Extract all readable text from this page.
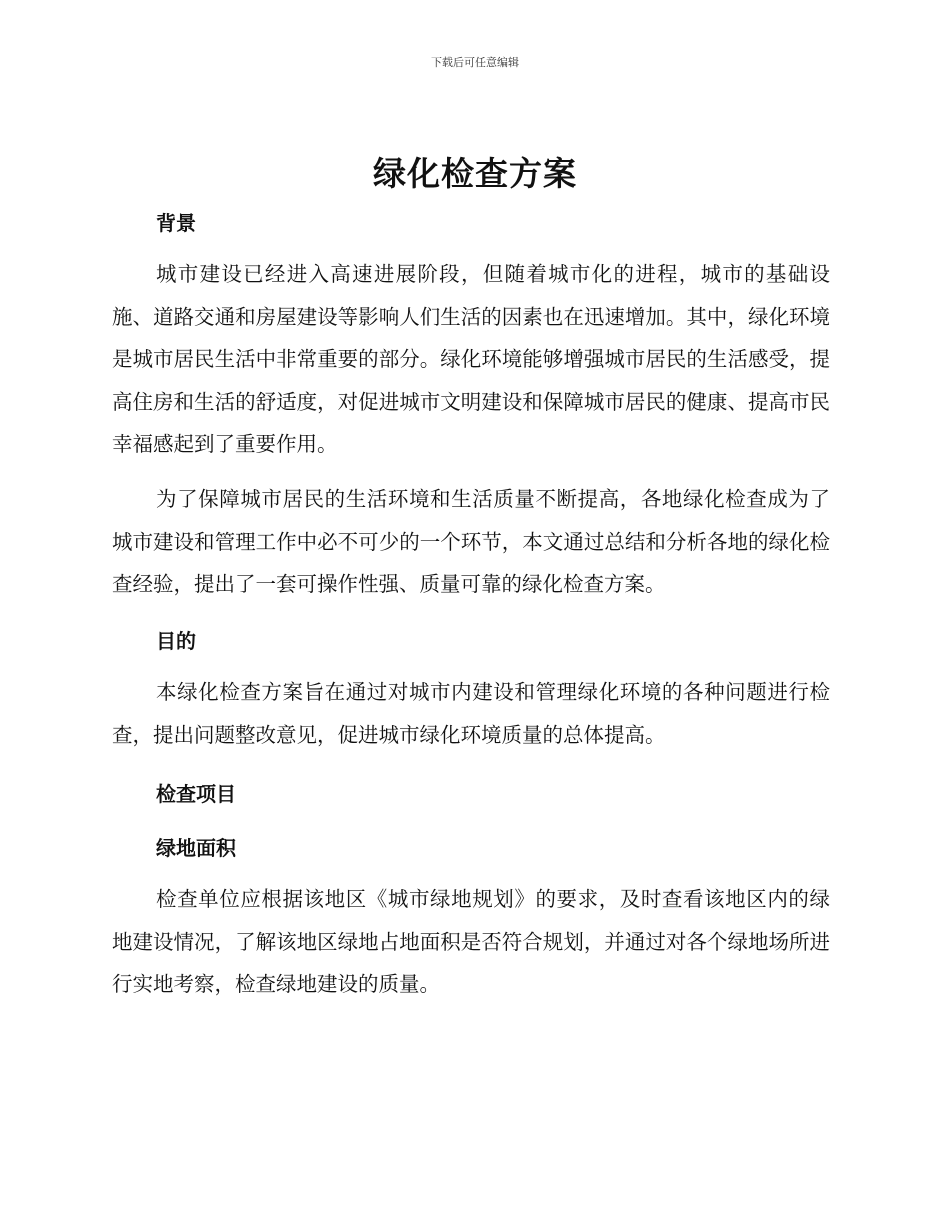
下载后可任意编辑
绿化检查方案
背景

城市建设已经进入高速进展阶段，但随着城市化的进程，城市的基础设施、道路交通和房屋建设等影响人们生活的因素也在迅速增加。其中，绿化环境是城市居民生活中非常重要的部分。绿化环境能够增强城市居民的生活感受，提高住房和生活的舒适度，对促进城市文明建设和保障城市居民的健康、提高市民幸福感起到了重要作用。

为了保障城市居民的生活环境和生活质量不断提高，各地绿化检查成为了城市建设和管理工作中必不可少的一个环节，本文通过总结和分析各地的绿化检查经验，提出了一套可操作性强、质量可靠的绿化检查方案。

目的

本绿化检查方案旨在通过对城市内建设和管理绿化环境的各种问题进行检查，提出问题整改意见，促进城市绿化环境质量的总体提高。

检查项目
绿地面积

检查单位应根据该地区《城市绿地规划》的要求，及时查看该地区内的绿地建设情况，了解该地区绿地占地面积是否符合规划，并通过对各个绿地场所进行实地考察，检查绿地建设的质量。
